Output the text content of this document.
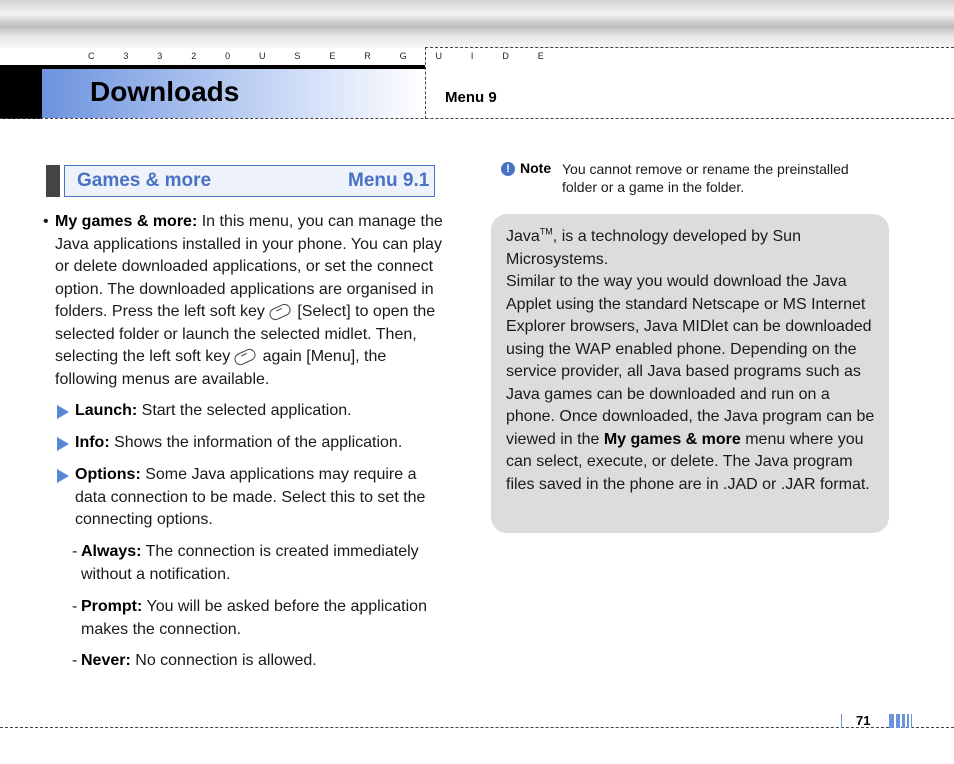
C 3 3 2 0 U S E R G U I D E
Downloads	Menu 9
Games & more	Menu 9.1
• My games & more: In this menu, you can manage the Java applications installed in your phone. You can play or delete downloaded applications, or set the connect option. The downloaded applications are organised in folders. Press the left soft key [Select] to open the selected folder or launch the selected midlet. Then, selecting the left soft key again [Menu], the following menus are available.
Launch: Start the selected application.
Info: Shows the information of the application.
Options: Some Java applications may require a data connection to be made. Select this to set the connecting options.
- Always: The connection is created immediately without a notification.
- Prompt: You will be asked before the application makes the connection.
- Never: No connection is allowed.
! Note You cannot remove or rename the preinstalled folder or a game in the folder.
Java™, is a technology developed by Sun Microsystems.
Similar to the way you would download the Java Applet using the standard Netscape or MS Internet Explorer browsers, Java MIDlet can be downloaded using the WAP enabled phone. Depending on the service provider, all Java based programs such as Java games can be downloaded and run on a phone. Once downloaded, the Java program can be viewed in the My games & more menu where you can select, execute, or delete. The Java program files saved in the phone are in .JAD or .JAR format.
71
